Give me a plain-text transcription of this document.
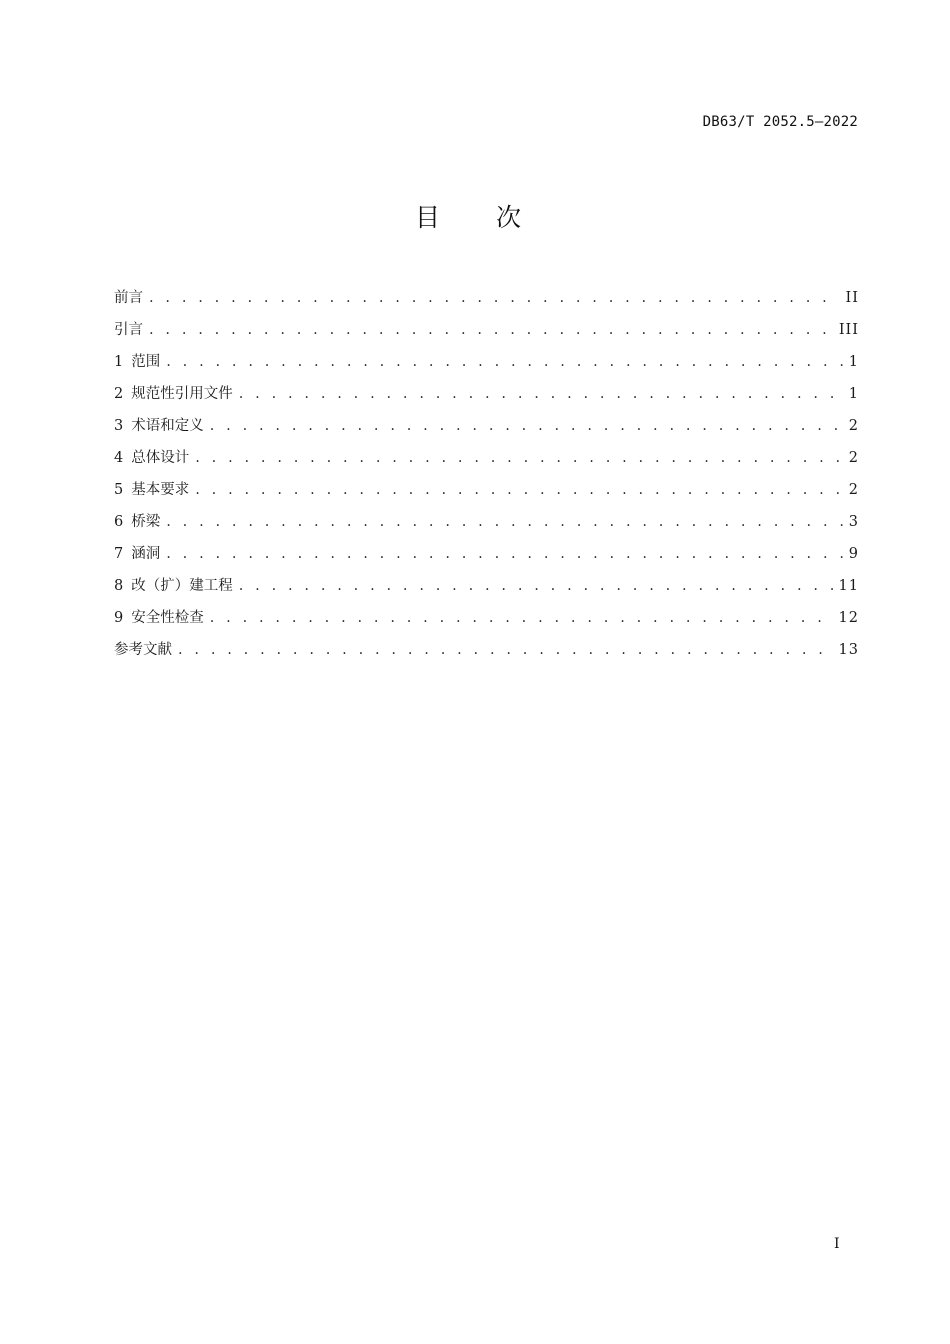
DB63/T 2052.5—2022
目次
前言 . . .	II
引言 . . .	III
1 范围 . . .	1
2 规范性引用文件 . . .	1
3 术语和定义 . . .	2
4 总体设计 . . .	2
5 基本要求 . . .	2
6 桥梁 . . .	3
7 涵洞 . . .	9
8 改（扩）建工程 . . .	11
9 安全性检查 . . .	12
参考文献 . . .	13
I
